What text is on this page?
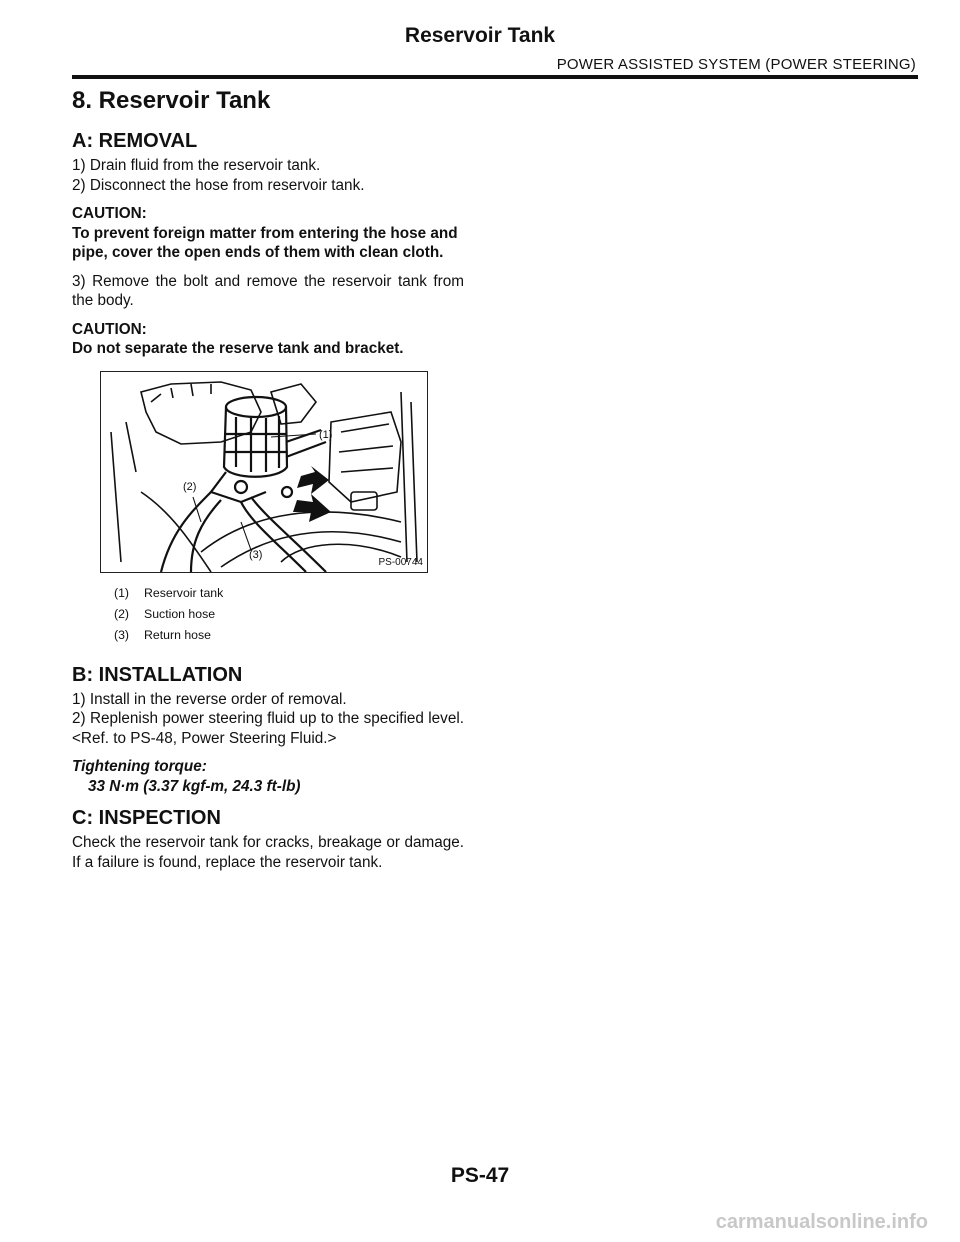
Reservoir Tank
POWER ASSISTED SYSTEM (POWER STEERING)
8. Reservoir Tank
A: REMOVAL

1) Drain fluid from the reservoir tank.

2) Disconnect the hose from reservoir tank.

CAUTION:

To prevent foreign matter from entering the hose and pipe, cover the open ends of them with clean cloth.

3) Remove the bolt and remove the reservoir tank from the body.

CAUTION:

Do not separate the reserve tank and bracket.

(1)
(2)
(3)
PS-00744
(1) Reservoir tank
(2) Suction hose
(3) Return hose
B: INSTALLATION

1) Install in the reverse order of removal.

2) Replenish power steering fluid up to the specified level. <Ref. to PS-48, Power Steering Fluid.>

Tightening torque:

33 N·m (3.37 kgf-m, 24.3 ft-lb)

C: INSPECTION

Check the reservoir tank for cracks, breakage or damage. If a failure is found, replace the reservoir tank.

PS-47
carmanualsonline.info
